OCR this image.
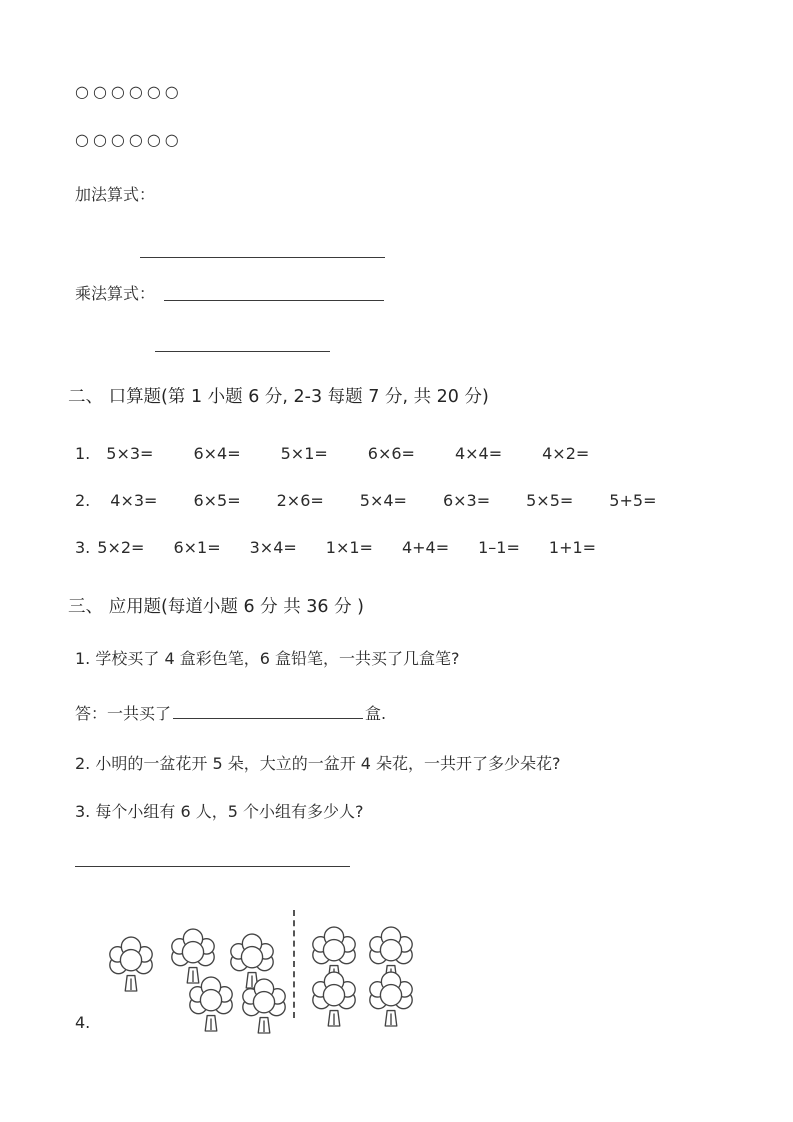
○○○○○○
○○○○○○
加法算式：
乘法算式：
二、 口算题(第 1 小题 6 分, 2-3 每题 7 分, 共 20 分)
1. 5×3=	6×4=	5×1=	6×6=	4×4=	4×2=
2. 4×3= 6×5= 2×6= 5×4= 6×3= 5×5= 5+5=
3. 5×2= 6×1= 3×4= 1×1= 4+4= 1–1= 1+1=
三、 应用题(每道小题 6 分 共 36 分 )
1. 学校买了 4 盒彩色笔，6 盒铅笔，一共买了几盒笔?
答：一共买了	盒.
2. 小明的一盆花开 5 朵，大立的一盆开 4 朵花，一共开了多少朵花?
3. 每个小组有 6 人，5 个小组有多少人?
4.
